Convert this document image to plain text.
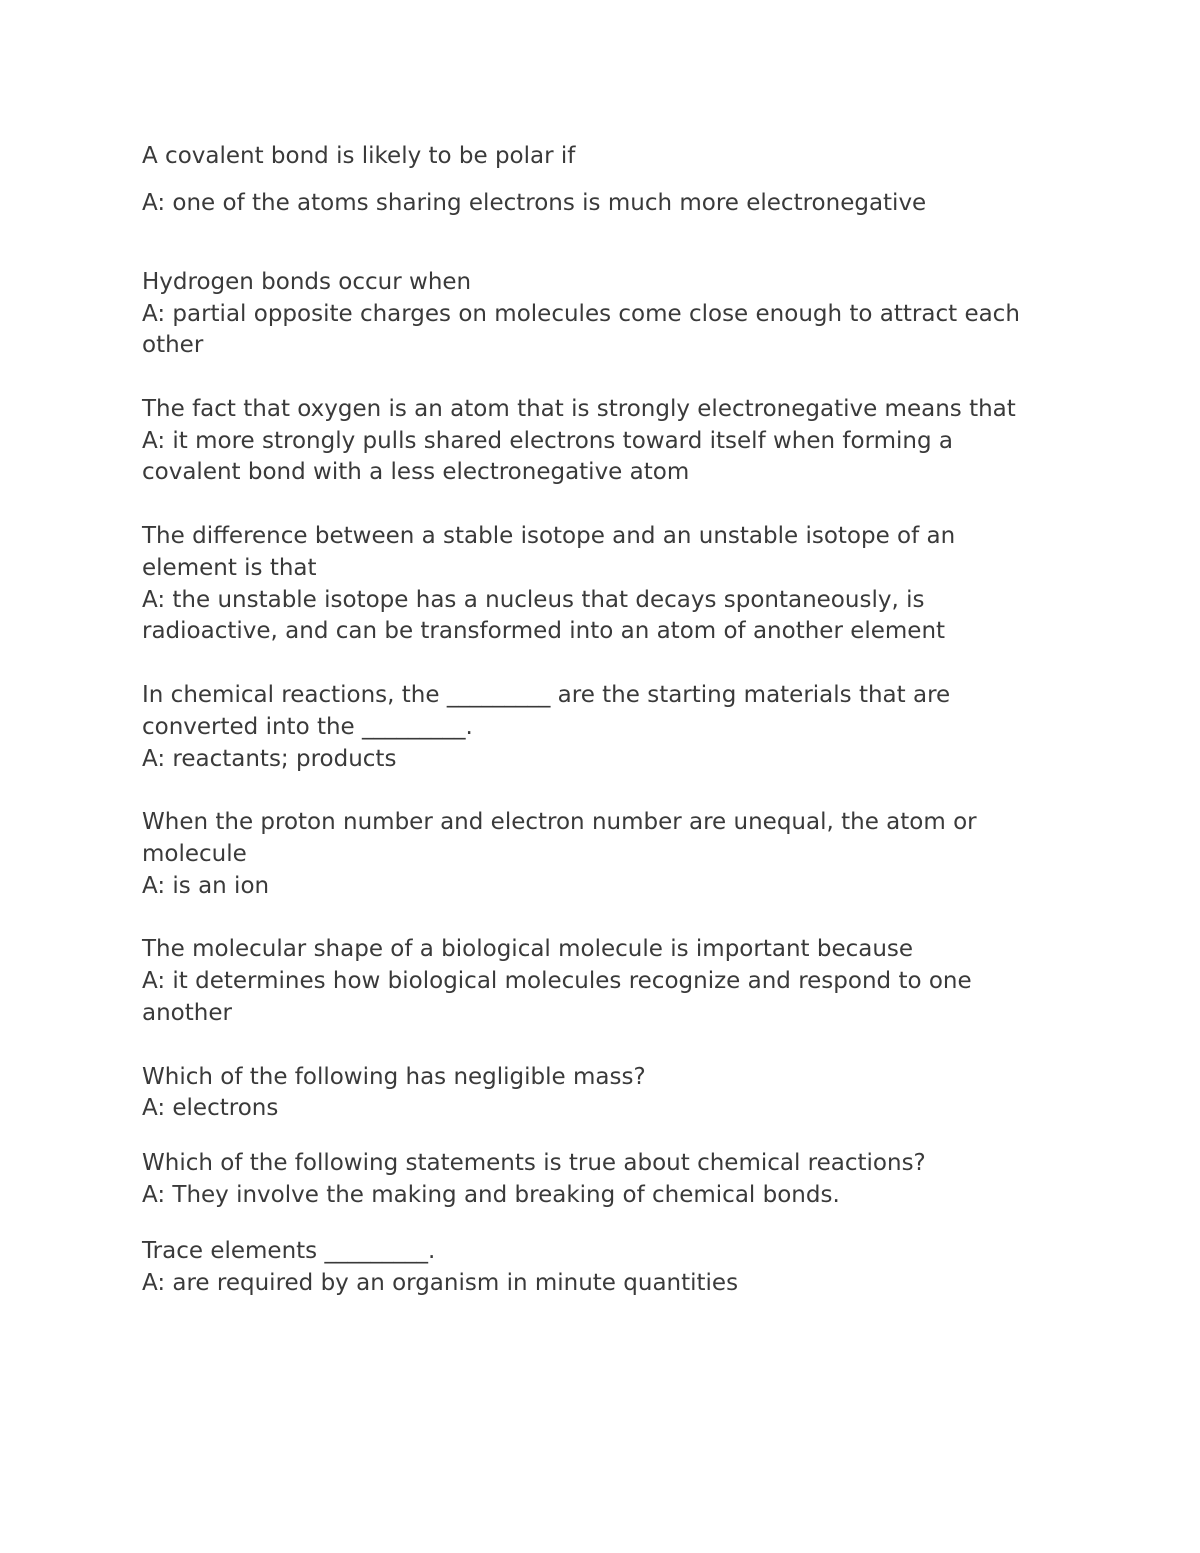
A covalent bond is likely to be polar if

A: one of the atoms sharing electrons is much more electronegative

Hydrogen bonds occur when

A: partial opposite charges on molecules come close enough to attract each

other

The fact that oxygen is an atom that is strongly electronegative means that

A: it more strongly pulls shared electrons toward itself when forming a

covalent bond with a less electronegative atom

The difference between a stable isotope and an unstable isotope of an

element is that

A: the unstable isotope has a nucleus that decays spontaneously, is

radioactive, and can be transformed into an atom of another element

In chemical reactions, the _________ are the starting materials that are

converted into the _________.

A: reactants; products

When the proton number and electron number are unequal, the atom or

molecule

A: is an ion

The molecular shape of a biological molecule is important because

A: it determines how biological molecules recognize and respond to one

another

Which of the following has negligible mass?

A: electrons

Which of the following statements is true about chemical reactions?

A: They involve the making and breaking of chemical bonds.

Trace elements _________.

A: are required by an organism in minute quantities
